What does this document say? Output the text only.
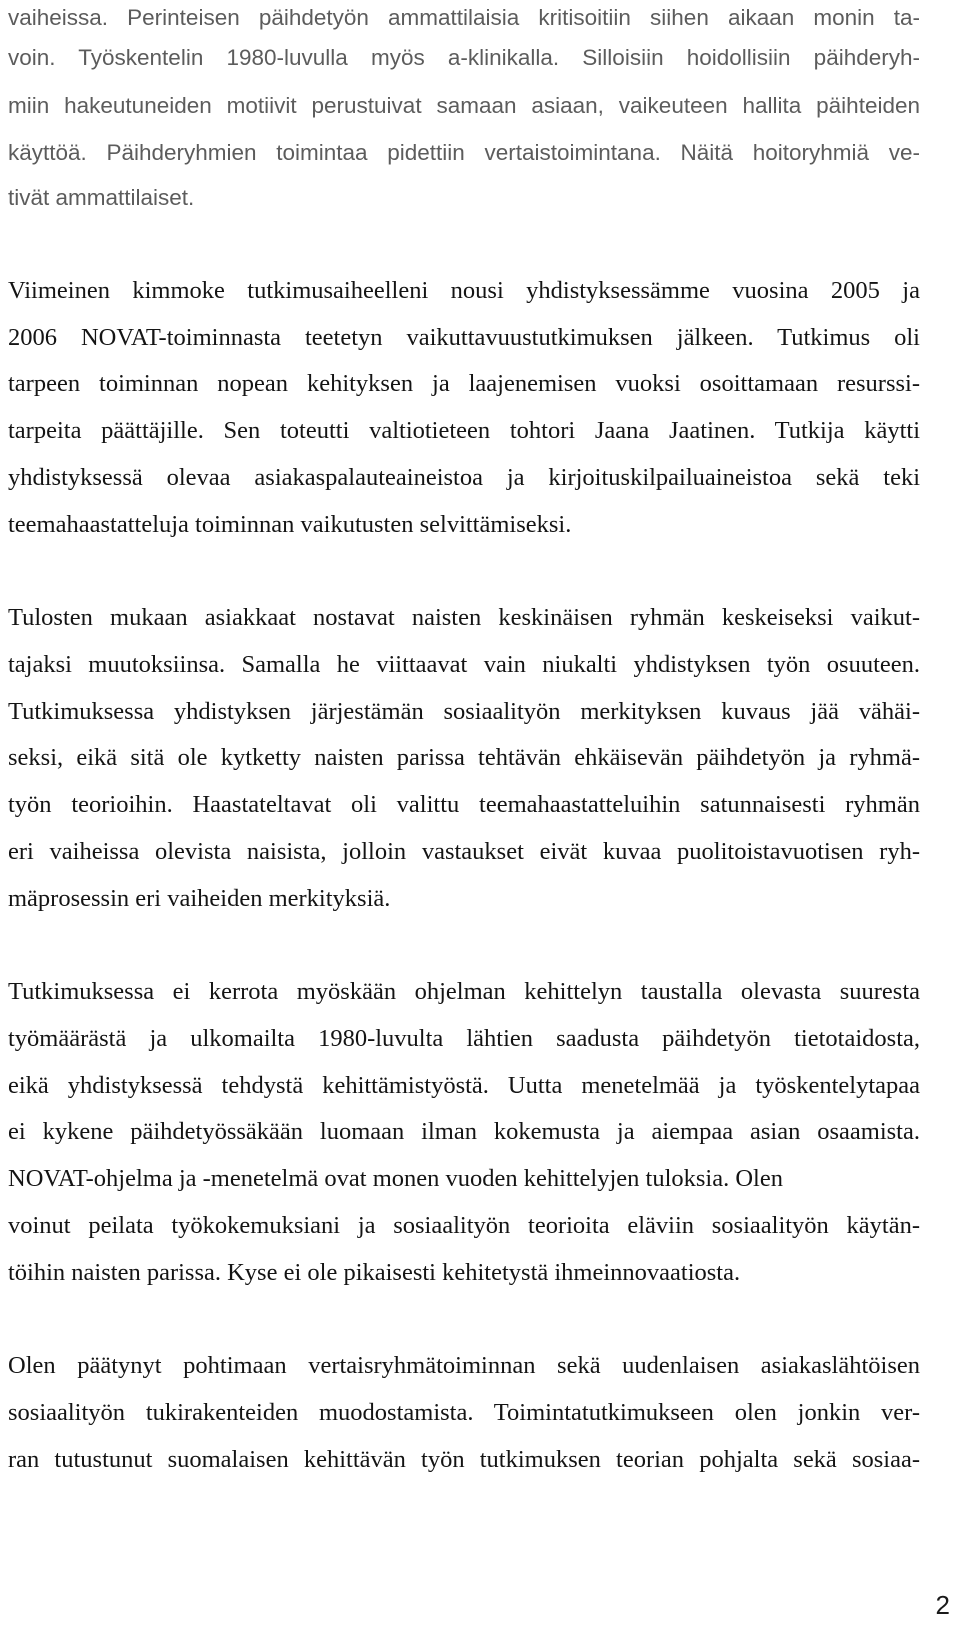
vaiheissa. Perinteisen päihdetyön ammattilaisia kritisoitiin siihen aikaan monin ta-
voin. Työskentelin 1980-luvulla myös a-klinikalla. Silloisiin hoidollisiin päihderyh-
miin hakeutuneiden motiivit perustuivat samaan asiaan, vaikeuteen hallita päihteiden
käyttöä. Päihderyhmien toimintaa pidettiin vertaistoimintana. Näitä hoitoryhmiä ve-
tivät ammattilaiset.
Viimeinen kimmoke tutkimusaiheelleni nousi yhdistyksessämme vuosina 2005 ja
2006 NOVAT-toiminnasta teetetyn vaikuttavuustutkimuksen jälkeen. Tutkimus oli
tarpeen toiminnan nopean kehityksen ja laajenemisen vuoksi osoittamaan resurssi-
tarpeita päättäjille. Sen toteutti valtiotieteen tohtori Jaana Jaatinen. Tutkija käytti
yhdistyksessä olevaa asiakaspalauteaineistoa ja kirjoituskilpailuaineistoa sekä teki
teemahaastatteluja toiminnan vaikutusten selvittämiseksi.
Tulosten mukaan asiakkaat nostavat naisten keskinäisen ryhmän keskeiseksi vaikut-
tajaksi muutoksiinsa. Samalla he viittaavat vain niukalti yhdistyksen työn osuuteen.
Tutkimuksessa yhdistyksen järjestämän sosiaalityön merkityksen kuvaus jää vähäi-
seksi, eikä sitä ole kytketty naisten parissa tehtävän ehkäisevän päihdetyön ja ryhmä-
työn teorioihin. Haastateltavat oli valittu teemahaastatteluihin satunnaisesti ryhmän
eri vaiheissa olevista naisista, jolloin vastaukset eivät kuvaa puolitoistavuotisen ryh-
mäprosessin eri vaiheiden merkityksiä.
Tutkimuksessa ei kerrota myöskään ohjelman kehittelyn taustalla olevasta suuresta
työmäärästä ja ulkomailta 1980-luvulta lähtien saadusta päihdetyön tietotaidosta,
eikä yhdistyksessä tehdystä kehittämistyöstä. Uutta menetelmää ja työskentelytapaa
ei kykene päihdetyössäkään luomaan ilman kokemusta ja aiempaa asian osaamista.
NOVAT-ohjelma ja -menetelmä ovat monen vuoden kehittelyjen tuloksia. Olen
voinut peilata työkokemuksiani ja sosiaalityön teorioita eläviin sosiaalityön käytän-
töihin naisten parissa. Kyse ei ole pikaisesti kehitetystä ihmeinnovaatiosta.
Olen päätynyt pohtimaan vertaisryhmätoiminnan sekä uudenlaisen asiakaslähtöisen
sosiaalityön tukirakenteiden muodostamista. Toimintatutkimukseen olen jonkin ver-
ran tutustunut suomalaisen kehittävän työn tutkimuksen teorian pohjalta sekä sosiaa-
2
